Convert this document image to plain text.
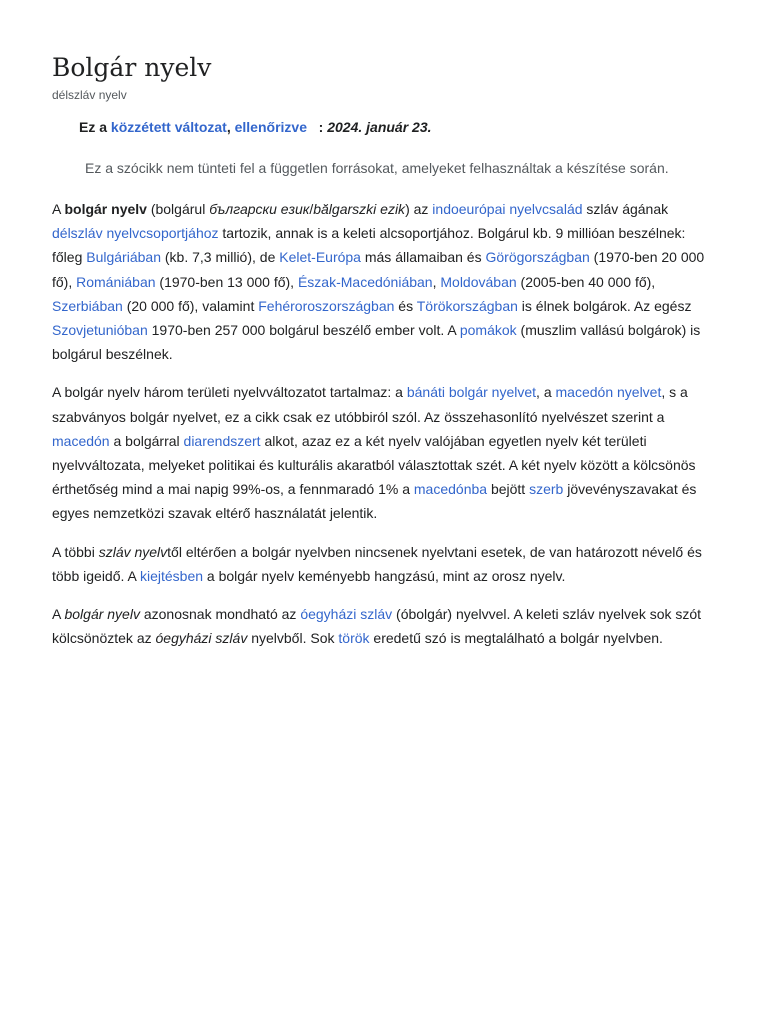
Bolgár nyelv
délszláv nyelv
Ez a közzétett változat, ellenőrizve   : 2024. január 23.
Ez a szócikk nem tünteti fel a független forrásokat, amelyeket felhasználtak a készítése során.

A bolgár nyelv (bolgárul български език/bălgarszki ezik) az indoeurópai nyelvcsalád szláv ágának délszláv nyelvcsoportjához tartozik, annak is a keleti alcsoportjához. Bolgárul kb. 9 millióan beszélnek: főleg Bulgáriában (kb. 7,3 millió), de Kelet-Európa más államaiban és Görögországban (1970-ben 20 000 fő), Romániában (1970-ben 13 000 fő), Észak-Macedóniában, Moldovában (2005-ben 40 000 fő), Szerbiában (20 000 fő), valamint Fehéroroszországban és Törökországban is élnek bolgárok. Az egész Szovjetunióban 1970-ben 257 000 bolgárul beszélő ember volt. A pomákok (muszlim vallású bolgárok) is bolgárul beszélnek.

A bolgár nyelv három területi nyelvváltozatot tartalmaz: a bánáti bolgár nyelvet, a macedón nyelvet, s a szabványos bolgár nyelvet, ez a cikk csak ez utóbbiról szól. Az összehasonlító nyelvészet szerint a macedón a bolgárral diarendszert alkot, azaz ez a két nyelv valójában egyetlen nyelv két területi nyelvváltozata, melyeket politikai és kulturális akaratból választottak szét. A két nyelv között a kölcsönös érthetőség mind a mai napig 99%-os, a fennmaradó 1% a macedónba bejött szerb jövevényszavakat és egyes nemzetközi szavak eltérő használatát jelentik.

A többi szláv nyelvtől eltérően a bolgár nyelvben nincsenek nyelvtani esetek, de van határozott névelő és több igeidő. A kiejtésben a bolgár nyelv keményebb hangzású, mint az orosz nyelv.

A bolgár nyelv azonosnak mondható az óegyházi szláv (óbolgár) nyelvvel. A keleti szláv nyelvek sok szót kölcsönöztek az óegyházi szláv nyelvből. Sok török eredetű szó is megtalálható a bolgár nyelvben.
